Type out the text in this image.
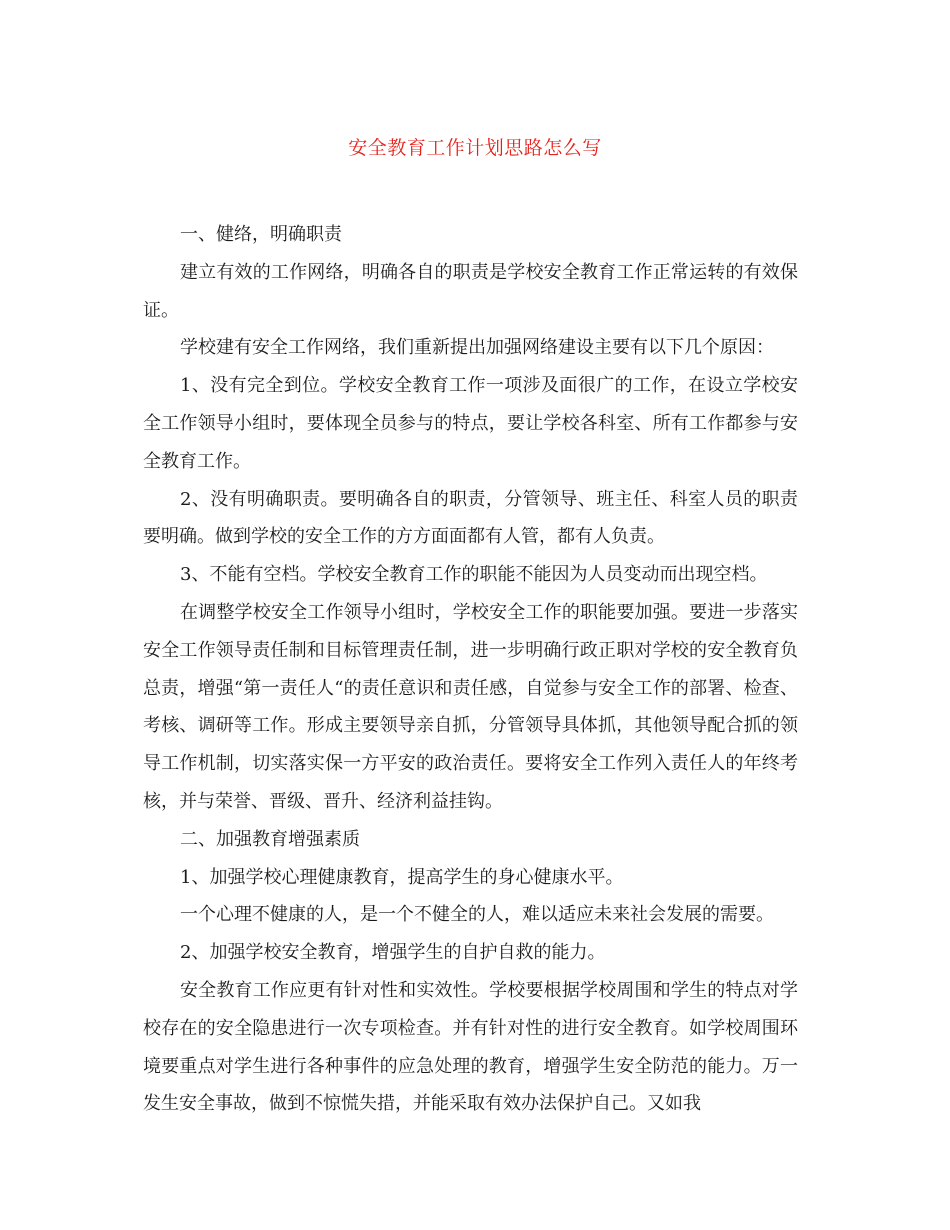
安全教育工作计划思路怎么写

一、健络，明确职责

建立有效的工作网络，明确各自的职责是学校安全教育工作正常运转的有效保证。

学校建有安全工作网络，我们重新提出加强网络建设主要有以下几个原因：

1、没有完全到位。学校安全教育工作一项涉及面很广的工作，在设立学校安全工作领导小组时，要体现全员参与的特点，要让学校各科室、所有工作都参与安全教育工作。

2、没有明确职责。要明确各自的职责，分管领导、班主任、科室人员的职责要明确。做到学校的安全工作的方方面面都有人管，都有人负责。

3、不能有空档。学校安全教育工作的职能不能因为人员变动而出现空档。

在调整学校安全工作领导小组时，学校安全工作的职能要加强。要进一步落实安全工作领导责任制和目标管理责任制，进一步明确行政正职对学校的安全教育负总责，增强“第一责任人“的责任意识和责任感，自觉参与安全工作的部署、检查、考核、调研等工作。形成主要领导亲自抓，分管领导具体抓，其他领导配合抓的领导工作机制，切实落实保一方平安的政治责任。要将安全工作列入责任人的年终考核，并与荣誉、晋级、晋升、经济利益挂钩。

二、加强教育增强素质

1、加强学校心理健康教育，提高学生的身心健康水平。

一个心理不健康的人，是一个不健全的人，难以适应未来社会发展的需要。

2、加强学校安全教育，增强学生的自护自救的能力。

安全教育工作应更有针对性和实效性。学校要根据学校周围和学生的特点对学校存在的安全隐患进行一次专项检查。并有针对性的进行安全教育。如学校周围环境要重点对学生进行各种事件的应急处理的教育，增强学生安全防范的能力。万一发生安全事故，做到不惊慌失措，并能采取有效办法保护自己。又如我
